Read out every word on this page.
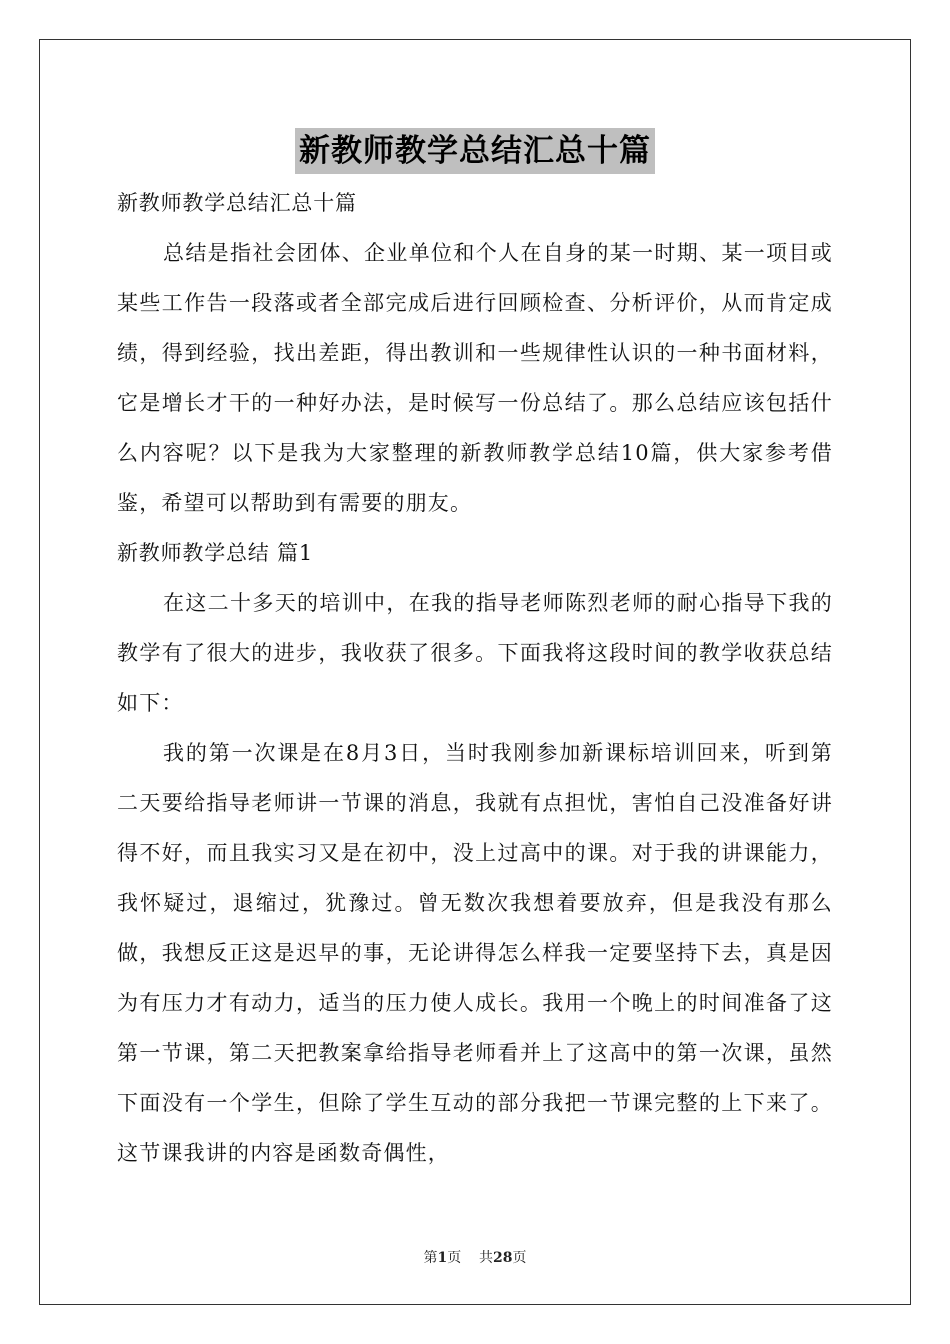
新教师教学总结汇总十篇

新教师教学总结汇总十篇

总结是指社会团体、企业单位和个人在自身的某一时期、某一项目或某些工作告一段落或者全部完成后进行回顾检查、分析评价，从而肯定成绩，得到经验，找出差距，得出教训和一些规律性认识的一种书面材料，它是增长才干的一种好办法，是时候写一份总结了。那么总结应该包括什么内容呢？以下是我为大家整理的新教师教学总结10篇，供大家参考借鉴，希望可以帮助到有需要的朋友。

新教师教学总结 篇1

在这二十多天的培训中，在我的指导老师陈烈老师的耐心指导下我的教学有了很大的进步，我收获了很多。下面我将这段时间的教学收获总结如下：

我的第一次课是在8月3日，当时我刚参加新课标培训回来，听到第二天要给指导老师讲一节课的消息，我就有点担忧，害怕自己没准备好讲得不好，而且我实习又是在初中，没上过高中的课。对于我的讲课能力，我怀疑过，退缩过，犹豫过。曾无数次我想着要放弃，但是我没有那么做，我想反正这是迟早的事，无论讲得怎么样我一定要坚持下去，真是因为有压力才有动力，适当的压力使人成长。我用一个晚上的时间准备了这第一节课，第二天把教案拿给指导老师看并上了这高中的第一次课，虽然下面没有一个学生，但除了学生互动的部分我把一节课完整的上下来了。这节课我讲的内容是函数奇偶性，

第1页 共28页
